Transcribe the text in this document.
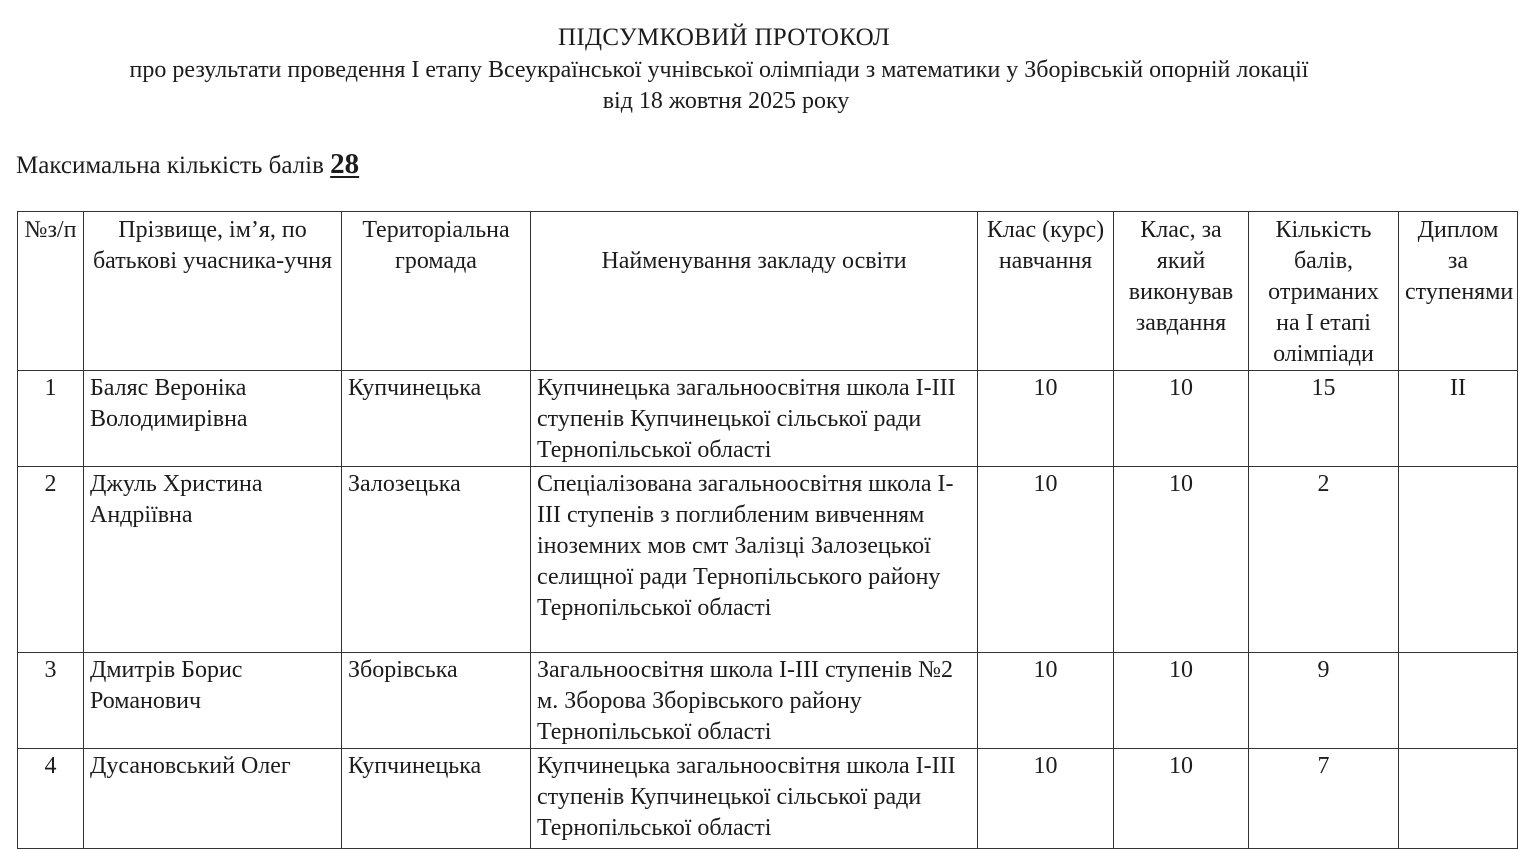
ПІДСУМКОВИЙ ПРОТОКОЛ
про результати проведення І етапу Всеукраїнської учнівської олімпіади з математики у Зборівській опорній локації
від 18 жовтня 2025 року
Максимальна кількість балів 28
№з/п	Прізвище, ім’я, по батькові учасника-учня	Територіальна громада	Найменування закладу освіти	Клас (курс) навчання	Клас, за який виконував завдання	Кількість балів, отриманих на І етапі олімпіади	Диплом за ступенями
1	Баляс Вероніка Володимирівна	Купчинецька	Купчинецька загальноосвітня школа І-ІІІ ступенів Купчинецької сільської ради Тернопільської області	10	10	15	ІІ
2	Джуль Христина Андріївна	Залозецька	Спеціалізована загальноосвітня школа І-ІІІ ступенів з поглибленим вивченням іноземних мов смт Залізці Залозецької селищної ради Тернопільського району Тернопільської області	10	10	2	
3	Дмитрів Борис Романович	Зборівська	Загальноосвітня школа І-ІІІ ступенів №2 м. Зборова Зборівського району Тернопільської області	10	10	9	
4	Дусановський Олег	Купчинецька	Купчинецька загальноосвітня школа І-ІІІ ступенів Купчинецької сільської ради Тернопільської області	10	10	7	
